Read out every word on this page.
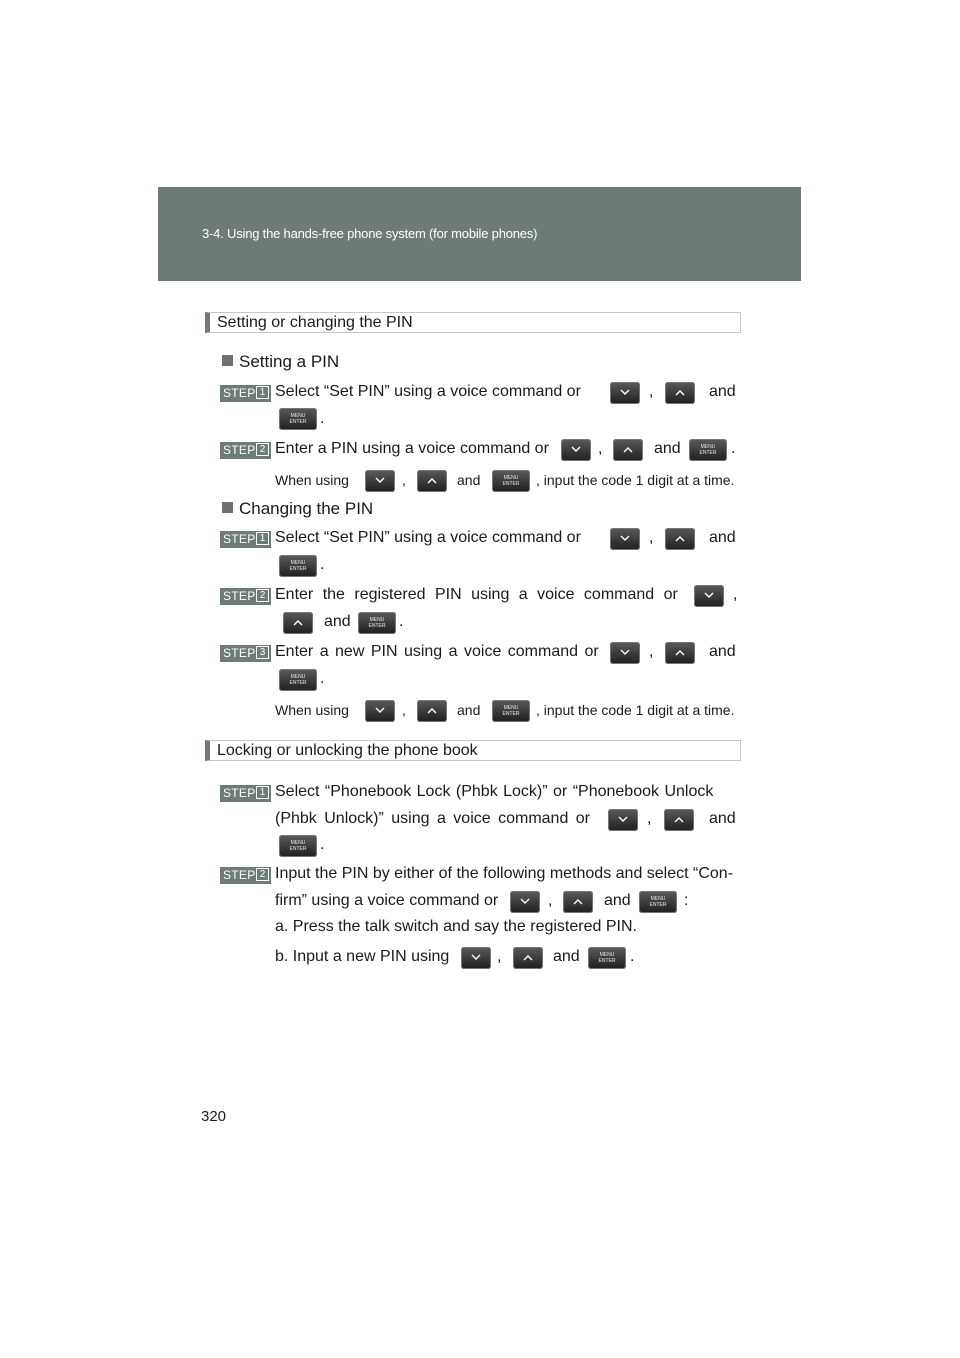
3-4. Using the hands-free phone system (for mobile phones)
Setting or changing the PIN
Setting a PIN
STEP 1 Select “Set PIN” using a voice command or	,	and
MENU
ENTER .
STEP 2 Enter a PIN using a voice command or	,	and	MENU
ENTER .
When using	,	and	MENU
ENTER	, input the code 1 digit at a time.
Changing the PIN
STEP 1 Select “Set PIN” using a voice command or	,	and
MENU
ENTER .
STEP 2 Enter the registered PIN using a voice command or	,
and	MENU
ENTER .
STEP 3 Enter a new PIN using a voice command or	,	and
MENU
ENTER .
When using	,	and	MENU
ENTER	, input the code 1 digit at a time.
Locking or unlocking the phone book
STEP 1 Select “Phonebook Lock (Phbk Lock)” or “Phonebook Unlock
(Phbk Unlock)” using a voice command or	,	and
MENU
ENTER .
STEP 2 Input the PIN by either of the following methods and select “Con-
firm” using a voice command or	,	and	MENU
ENTER	:
a. Press the talk switch and say the registered PIN.
b. Input a new PIN using	,	and	MENU
ENTER .
320
